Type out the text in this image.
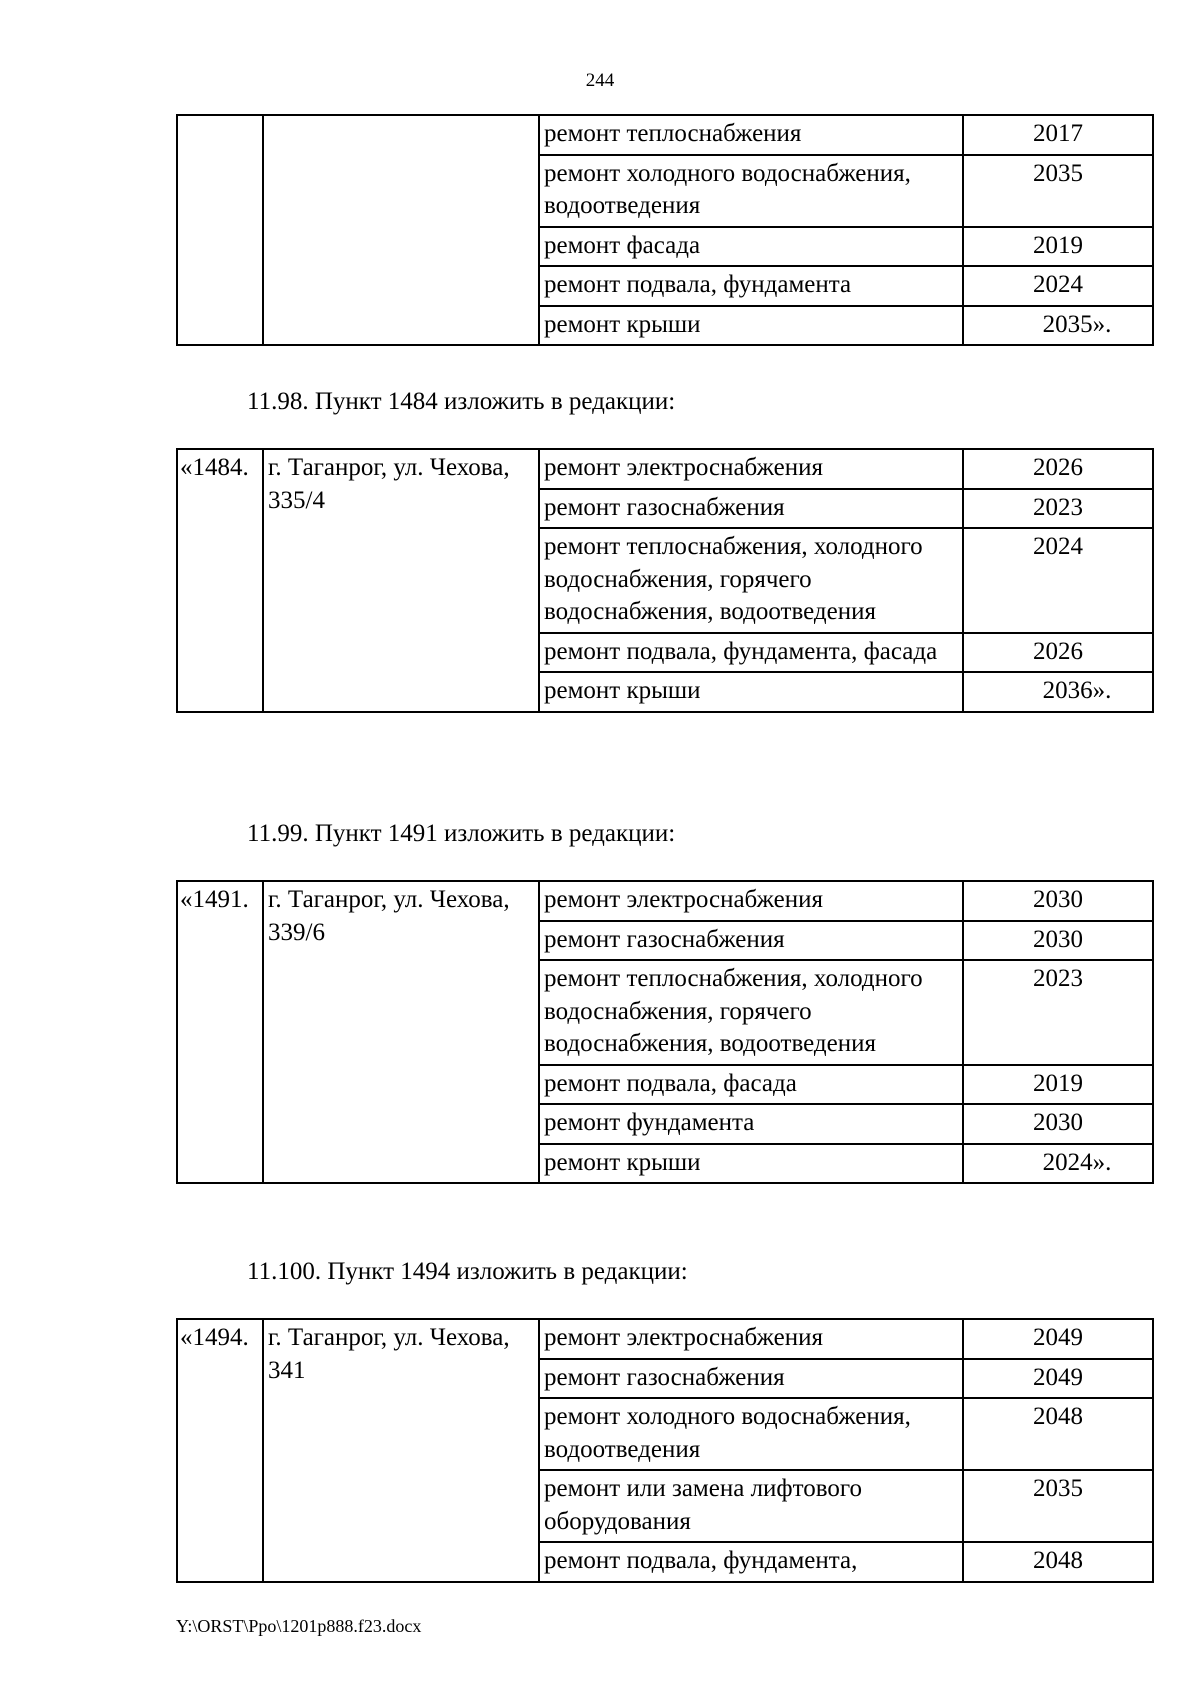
244
		ремонт теплоснабжения	2017
		ремонт холодного водоснабжения, водоотведения	2035
		ремонт фасада	2019
		ремонт подвала, фундамента	2024
		ремонт крыши	2035».
11.98. Пункт 1484 изложить в редакции:
«1484.	г. Таганрог, ул. Чехова, 335/4	ремонт электроснабжения	2026
		ремонт газоснабжения	2023
		ремонт теплоснабжения, холодного водоснабжения, горячего водоснабжения, водоотведения	2024
		ремонт подвала, фундамента, фасада	2026
		ремонт крыши	2036».
11.99. Пункт 1491 изложить в редакции:
«1491.	г. Таганрог, ул. Чехова, 339/6	ремонт электроснабжения	2030
		ремонт газоснабжения	2030
		ремонт теплоснабжения, холодного водоснабжения, горячего водоснабжения, водоотведения	2023
		ремонт подвала, фасада	2019
		ремонт фундамента	2030
		ремонт крыши	2024».
11.100. Пункт 1494 изложить в редакции:
«1494.	г. Таганрог, ул. Чехова, 341	ремонт электроснабжения	2049
		ремонт газоснабжения	2049
		ремонт холодного водоснабжения, водоотведения	2048
		ремонт или замена лифтового оборудования	2035
		ремонт подвала, фундамента,	2048
Y:\ORST\Ppo\1201p888.f23.docx
